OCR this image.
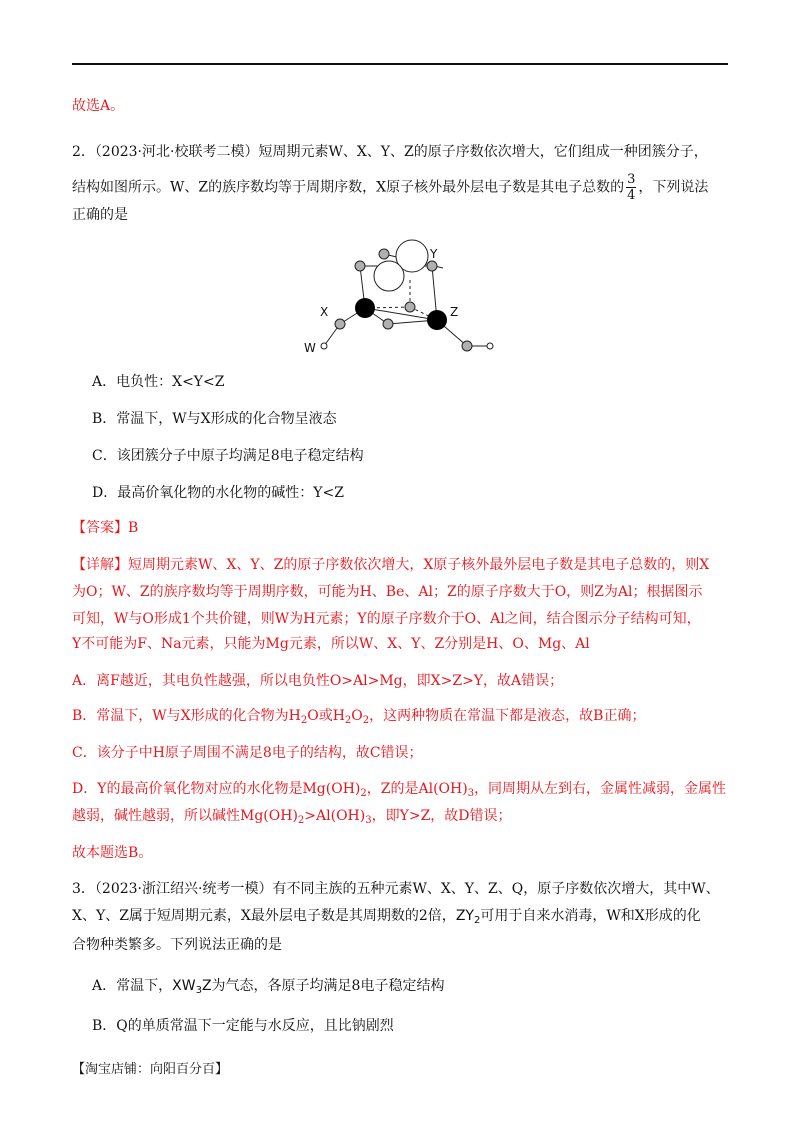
故选A。
2．（2023·河北·校联考二模）短周期元素W、X、Y、Z的原子序数依次增大，它们组成一种团簇分子，
结构如图所示。W、Z的族序数均等于周期序数，X原子核外最外层电子数是其电子总数的 $\frac{3}{4}$ ，下列说法
正确的是
Y
X	Z
W
A．电负性：X<Y<Z
B．常温下，W与X形成的化合物呈液态
C．该团簇分子中原子均满足8电子稳定结构
D．最高价氧化物的水化物的碱性：Y<Z
【答案】B
【详解】短周期元素W、X、Y、Z的原子序数依次增大，X原子核外最外层电子数是其电子总数的，则X
为O；W、Z的族序数均等于周期序数，可能为H、Be、Al；Z的原子序数大于O，则Z为Al；根据图示
可知，W与O形成1个共价键，则W为H元素；Y的原子序数介于O、Al之间，结合图示分子结构可知，
Y不可能为F、Na元素，只能为Mg元素，所以W、X、Y、Z分别是H、O、Mg、Al
A．离F越近，其电负性越强，所以电负性O>Al>Mg，即X>Z>Y，故A错误；
B．常温下，W与X形成的化合物为$H_2O$或$H_2O_2$，这两种物质在常温下都是液态，故B正确；
C．该分子中H原子周围不满足8电子的结构，故C错误；
D．Y的最高价氧化物对应的水化物是$Mg(OH)_2$，Z的是$Al(OH)_3$，同周期从左到右，金属性减弱，金属性
越弱，碱性越弱，所以碱性$Mg(OH)_2>Al(OH)_3$，即Y>Z，故D错误；
故本题选B。
3．（2023·浙江绍兴·统考一模）有不同主族的五种元素W、X、Y、Z、Q，原子序数依次增大，其中W、
X、Y、Z属于短周期元素，X最外层电子数是其周期数的2倍，$ZY_2$可用于自来水消毒，W和X形成的化
合物种类繁多。下列说法正确的是
A．常温下，$XW_3Z$为气态，各原子均满足8电子稳定结构
B．Q的单质常温下一定能与水反应，且比钠剧烈
【淘宝店铺：向阳百分百】
